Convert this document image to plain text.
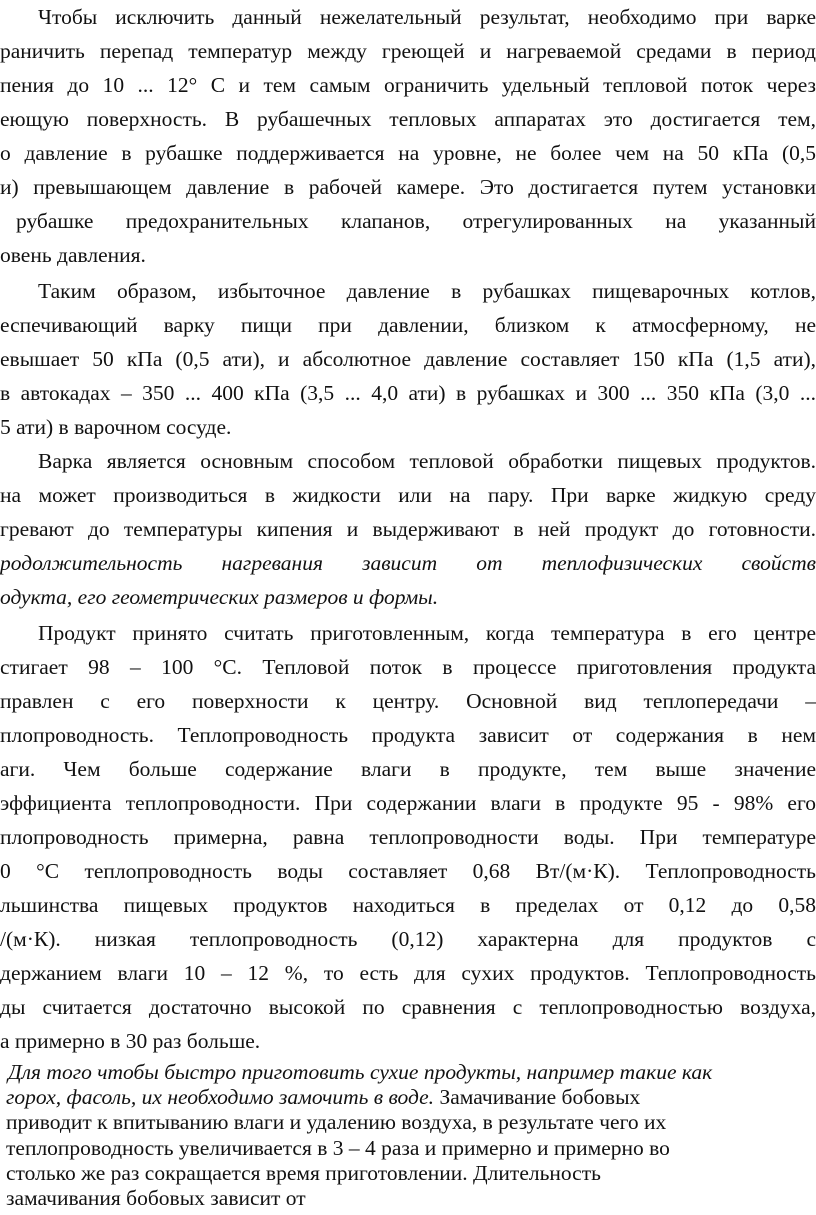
Чтобы исключить данный нежелательный результат, необходимо при варке
раничить перепад температур между греющей и нагреваемой средами в период
пения до 10 ... 12° С и тем самым ограничить удельный тепловой поток через
еющую поверхность. В рубашечных тепловых аппаратах это достигается тем,
о давление в рубашке поддерживается на уровне, не более чем на 50 кПа (0,5
и) превышающем давление в рабочей камере. Это достигается путем установки
рубашке предохранительных клапанов, отрегулированных на указанный
овень давления.
Таким образом, избыточное давление в рубашках пищеварочных котлов,
еспечивающий варку пищи при давлении, близком к атмосферному, не
евышает 50 кПа (0,5 ати), и абсолютное давление составляет 150 кПа (1,5 ати),
в автокадах – 350 ... 400 кПа (3,5 ... 4,0 ати) в рубашках и 300 ... 350 кПа (3,0 ...
5 ати) в варочном сосуде.
Варка является основным способом тепловой обработки пищевых продуктов.
на может производиться в жидкости или на пару. При варке жидкую среду
гревают до температуры кипения и выдерживают в ней продукт до готовности.
родолжительность нагревания зависит от теплофизических свойств
одукта, его геометрических размеров и формы.
Продукт принято считать приготовленным, когда температура в его центре
стигает 98 – 100 °С. Тепловой поток в процессе приготовления продукта
правлен с его поверхности к центру. Основной вид теплопередачи –
плопроводность. Теплопроводность продукта зависит от содержания в нем
аги. Чем больше содержание влаги в продукте, тем выше значение
эффициента теплопроводности. При содержании влаги в продукте 95 - 98% его
плопроводность примерна, равна теплопроводности воды. При температуре
0 °С теплопроводность воды составляет 0,68 Вт/(м·К). Теплопроводность
льшинства пищевых продуктов находиться в пределах от 0,12 до 0,58
/(м·К). низкая теплопроводность (0,12) характерна для продуктов с
держанием влаги 10 – 12 %, то есть для сухих продуктов. Теплопроводность
ды считается достаточно высокой по сравнения с теплопроводностью воздуха,
а примерно в 30 раз больше.
Для того чтобы быстро приготовить сухие продукты, например такие как
горох, фасоль, их необходимо замочить в воде. Замачивание бобовых
приводит к впитыванию влаги и удалению воздуха, в результате чего их
теплопроводность увеличивается в 3 – 4 раза и примерно и примерно во
столько же раз сокращается время приготовлении. Длительность
замачивания бобовых зависит от
